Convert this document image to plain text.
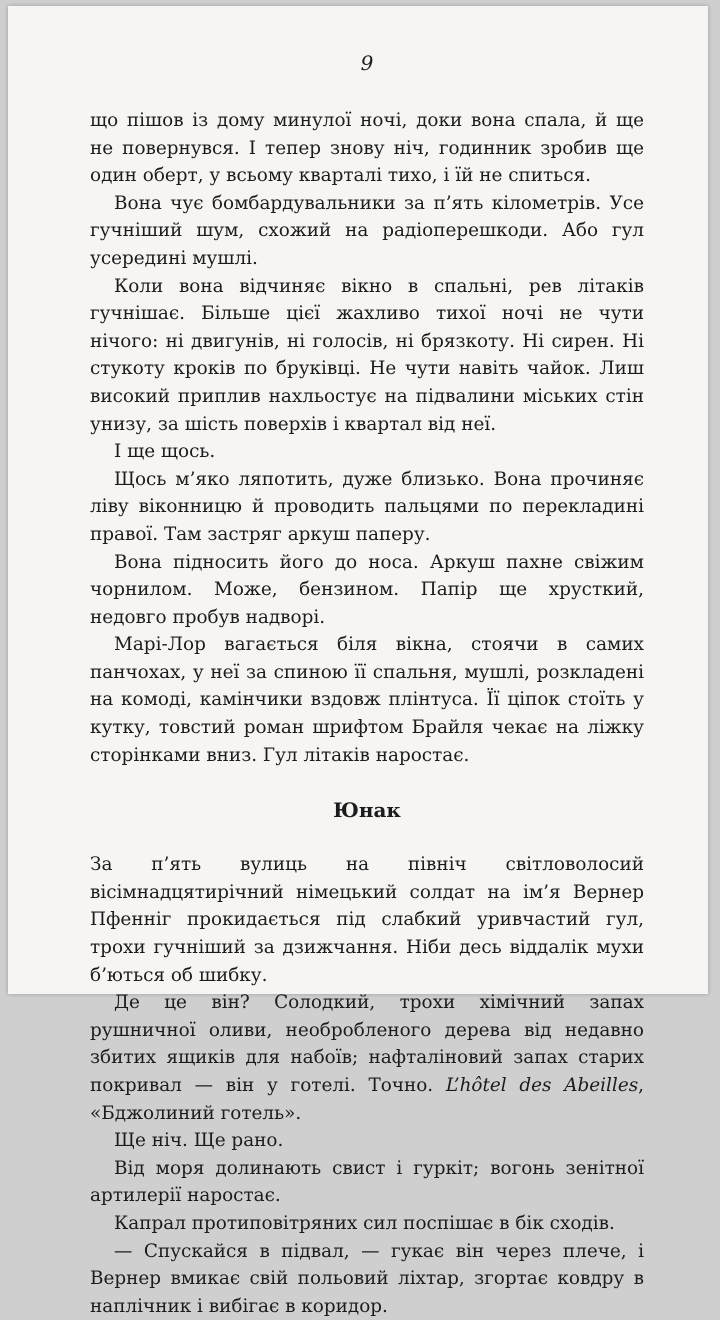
9

що пішов із дому минулої ночі, доки вона спала, й ще не повернувся. І тепер знову ніч, годинник зробив ще один оберт, у всьому кварталі тихо, і їй не спиться.

Вона чує бомбардувальники за п’ять кілометрів. Усе гучніший шум, схожий на радіоперешкоди. Або гул усередині мушлі.

Коли вона відчиняє вікно в спальні, рев літаків гучнішає. Більше цієї жахливо тихої ночі не чути нічого: ні двигунів, ні голосів, ні брязкоту. Ні сирен. Ні стукоту кроків по бруківці. Не чути навіть чайок. Лиш високий приплив нахльостує на підвалини міських стін унизу, за шість поверхів і квартал від неї.

І ще щось.

Щось м’яко ляпотить, дуже близько. Вона прочиняє ліву віконницю й проводить пальцями по перекладині правої. Там застряг аркуш паперу.

Вона підносить його до носа. Аркуш пахне свіжим чорнилом. Може, бензином. Папір ще хрусткий, недовго пробув надворі.

Марі-Лор вагається біля вікна, стоячи в самих панчохах, у неї за спиною її спальня, мушлі, розкладені на комоді, камінчики вздовж плінтуса. Її ціпок стоїть у кутку, товстий роман шрифтом Брайля чекає на ліжку сторінками вниз. Гул літаків наростає.

Юнак

За п’ять вулиць на північ світловолосий вісімнадцятирічний німецький солдат на ім’я Вернер Пфенніг прокидається під слабкий уривчастий гул, трохи гучніший за дзижчання. Ніби десь віддалік мухи б’ються об шибку.

Де це він? Солодкий, трохи хімічний запах рушничної оливи, необробленого дерева від недавно збитих ящиків для набоїв; нафталіновий запах старих покривал — він у готелі. Точно. L’hôtel des Abeilles, «Бджолиний готель».

Ще ніч. Ще рано.

Від моря долинають свист і гуркіт; вогонь зенітної артилерії наростає.

Капрал протиповітряних сил поспішає в бік сходів.

— Спускайся в підвал, — гукає він через плече, і Вернер вмикає свій польовий ліхтар, згортає ковдру в наплічник і вибігає в коридор.
